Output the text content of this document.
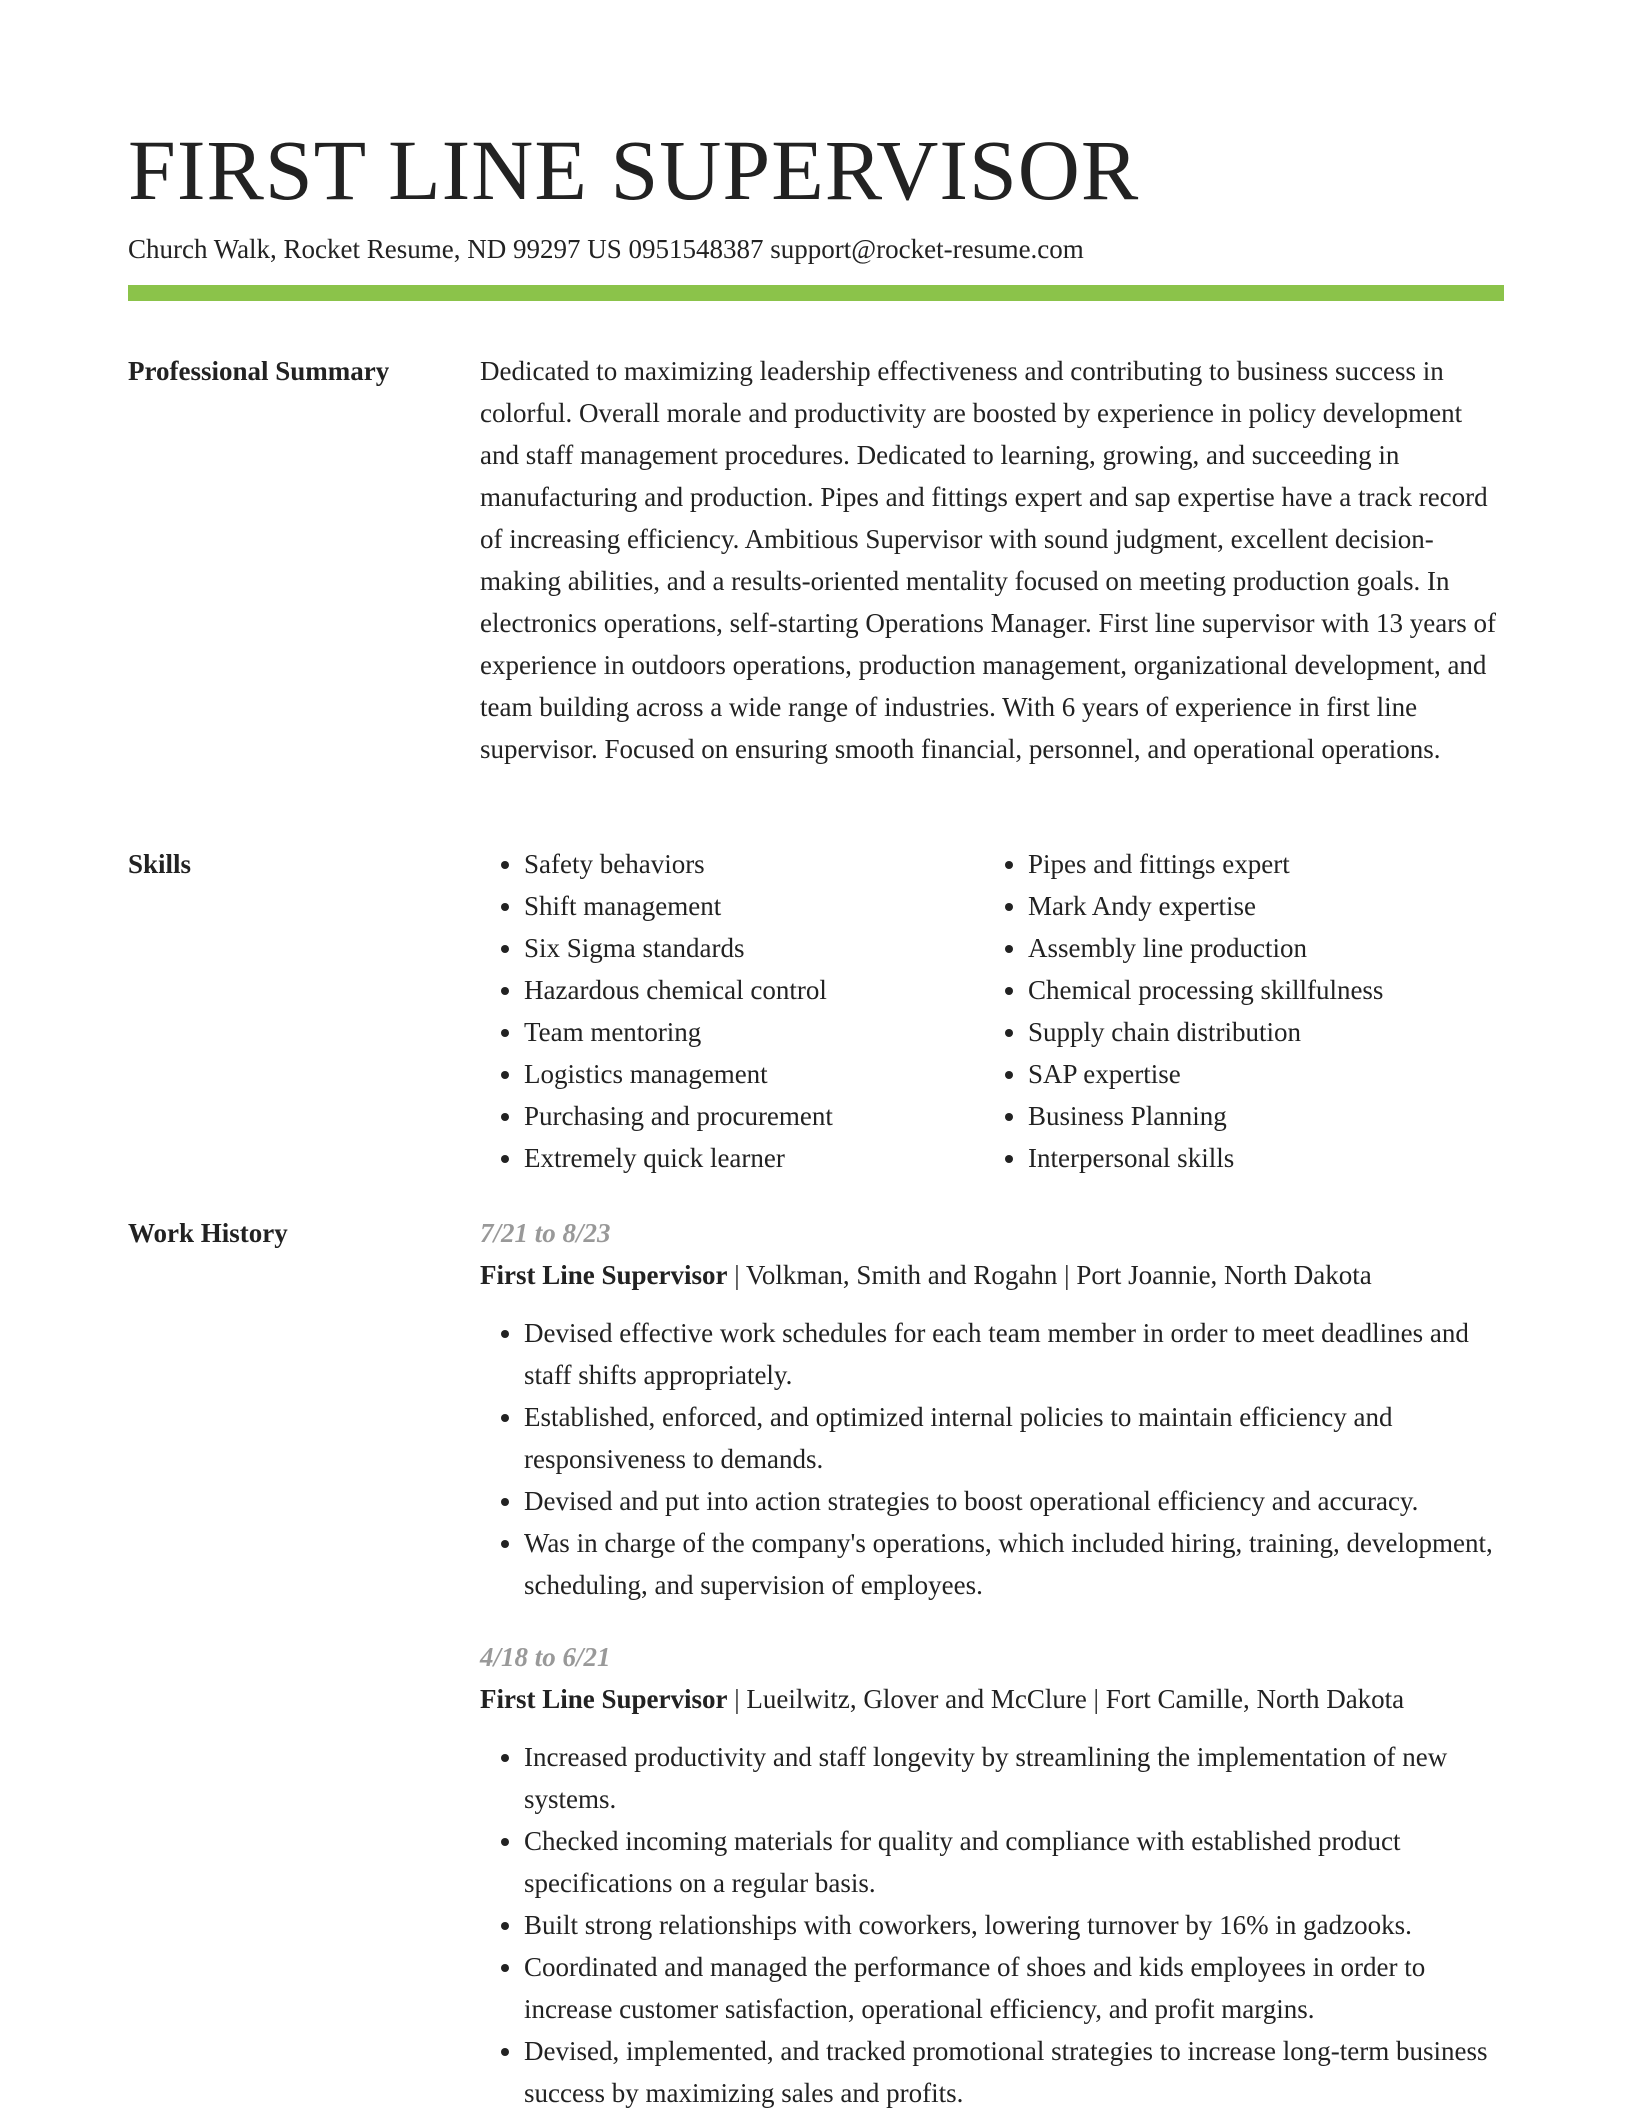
FIRST LINE SUPERVISOR
Church Walk, Rocket Resume, ND 99297 US 0951548387 support@rocket-resume.com
Professional Summary	Dedicated to maximizing leadership effectiveness and contributing to business success in colorful. Overall morale and productivity are boosted by experience in policy development and staff management procedures. Dedicated to learning, growing, and succeeding in manufacturing and production. Pipes and fittings expert and sap expertise have a track record of increasing efficiency. Ambitious Supervisor with sound judgment, excellent decision-making abilities, and a results-oriented mentality focused on meeting production goals. In electronics operations, self-starting Operations Manager. First line supervisor with 13 years of experience in outdoors operations, production management, organizational development, and team building across a wide range of industries. With 6 years of experience in first line supervisor. Focused on ensuring smooth financial, personnel, and operational operations.

Skills
•	Safety behaviors
• Shift management
• Six Sigma standards
• Hazardous chemical control
• Team mentoring
• Logistics management
• Purchasing and procurement
• Extremely quick learner
• Pipes and fittings expert
• Mark Andy expertise
• Assembly line production
• Chemical processing skillfulness
• Supply chain distribution
• SAP expertise
• Business Planning
• Interpersonal skills
Work History	7/21 to 8/23
First Line Supervisor | Volkman, Smith and Rogahn | Port Joannie, North Dakota
• Devised effective work schedules for each team member in order to meet deadlines and staff shifts appropriately.
• Established, enforced, and optimized internal policies to maintain efficiency and responsiveness to demands.
• Devised and put into action strategies to boost operational efficiency and accuracy.
• Was in charge of the company's operations, which included hiring, training, development, scheduling, and supervision of employees.
4/18 to 6/21
First Line Supervisor | Lueilwitz, Glover and McClure | Fort Camille, North Dakota
• Increased productivity and staff longevity by streamlining the implementation of new systems.
• Checked incoming materials for quality and compliance with established product specifications on a regular basis.
• Built strong relationships with coworkers, lowering turnover by 16% in gadzooks.
• Coordinated and managed the performance of shoes and kids employees in order to increase customer satisfaction, operational efficiency, and profit margins.
• Devised, implemented, and tracked promotional strategies to increase long-term business success by maximizing sales and profits.
